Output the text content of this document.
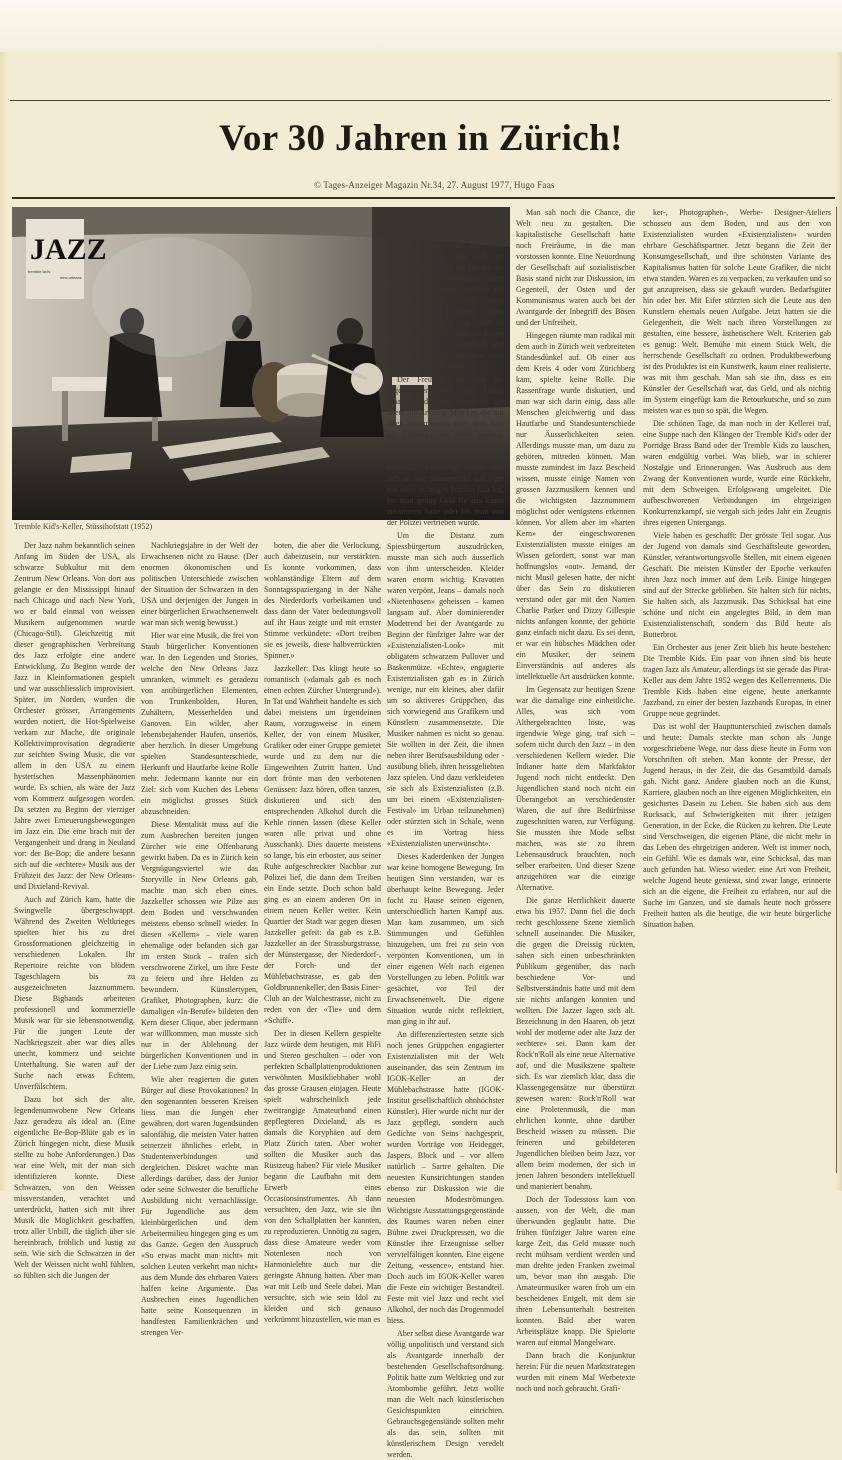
Vor 30 Jahren in Zürich!
© Tages-Anzeiger Magazin Nr.34, 27. August 1977, Hugo Faas
JAZZ
tremble kid's
new-orleans
Tremble Kid's-Keller, Stüssihofstatt (1952)

Der Jazz nahm bekanntlich seinen Anfang im Süden der USA, als schwarze Subkultur mit dem Zentrum New Orleans. Von dort aus gelangte er den Mississippi hinauf nach Chicago und nach New York, wo er bald einmal von weissen Musikern aufgenommen wurde (Chicago-Stil). Gleichzeitig mit dieser geographischen Verbreitung des Jazz erfolgte eine andere Entwicklung. Zu Beginn wurde der Jazz in Kleinformationen gespielt und war ausschliesslich improvisiert. Später, im Norden, wurden die Orchester grösser, Arrangements wurden notiert, die Hot-Spielweise verkam zur Mache, die originale Kollektivimprovisation degradierte zur seichten Swing Music, die vor allem in den USA zu einem hysterischen Massenphänomen wurde. Es schien, als wäre der Jazz vom Kommerz aufgesogen worden. Da setzten zu Beginn der vierziger Jahre zwei Erneuerungsbewegungen im Jazz ein. Die eine brach mit der Vergangenheit und drang in Neuland vor: der Be-Bop; die andere besann sich auf die «echtere» Musik aus der Frühzeit des Jazz: der New Orleans- und Dixieland-Revival.

Auch auf Zürich kam, hatte die Swingwelle übergeschwappt. Während des Zweiten Weltkrieges spielten hier bis zu drei Grossformationen gleichzeitig in verschiedenen Lokalen. Ihr Repertoire reichte von blödem Tageschlagern bis zu ausgezeichneten Jazznummern. Diese Bigbands arbeiteten professionell und kommerzielle Musik war für sie lebensnotwendig. Für die jungen Leute der Nachkriegszeit aber war dies alles unecht, kommerz und seichte Unterhaltung. Sie waren auf der Suche nach etwas Echtem, Unverfälschtem.

Dazu bot sich der alte, legendenumwobene New Orleans Jazz geradezu als ideal an. (Eine eigentliche Be-Bop-Blüte gab es in Zürich hingegen nicht, diese Musik stellte zu hohe Anforderungen.) Das war eine Welt, mit der man sich identifizieren konnte. Diese Schwarzen, von den Weissen missverstanden, verachtet und unterdrückt, hatten sich mit ihrer Musik die Möglichkeit geschaffen, trotz aller Unbill, die täglich über sie hereinbrach, fröhlich und lustig zu sein. Wie sich die Schwarzen in der Welt der Weissen nicht wohl fühlten, so fühlten sich die Jungen der

Nachkriegsjahre in der Welt der Erwachsenen nicht zu Hause. (Der enormen ökonomischen und politischen Unterschiede zwischen der Situation der Schwarzen in den USA und derjenigen der Jungen in einer bürgerlichen Erwachsenenwelt war man sich wenig bewusst.)

Hier war eine Musik, die frei von Staub bürgerlicher Konventionen war. In den Legenden und Stories, welche den New Orleans Jazz umranken, wimmelt es geradezu von antibürgerlichen Elementen, von Trunkenbolden, Huren, Zuhältern, Messerhelden und Ganoven. Ein wilder, aber lebensbejahender Haufen, unseriös, aber herzlich. In dieser Umgebung spielten Standesunterschiede, Herkunft und Hautfarbe keine Rolle mehr. Jedermann kannte nur ein Ziel: sich vom Kuchen des Lebens ein möglichst grosses Stück abzuschneiden.

Diese Mentalität muss auf die zum Ausbrechen bereiten jungen Zürcher wie eine Offenbarung gewirkt haben. Da es in Zürich kein Vergnügungsviertel wie das Storyville in New Orleans gab, machte man sich eben eines. Jazzkeller schossen wie Pilze aus dem Boden und verschwanden meistens ebenso schnell wieder. In diesen «Kellern» – viele waren ehemalige oder befanden sich gar im ersten Stock – trafen sich verschworene Zirkel, um ihre Feste zu feiern und ihre Helden zu bewundern. Künstlertypen, Grafiker, Photographen, kurz: die damaligen «In-Berufe» bildeten den Kern dieser Clique, aber jedermann war willkommen, man musste sich nur in der Ablehnung der bürgerlichen Konventionen und in der Liebe zum Jazz einig sein.

Wie aber reagierten die guten Bürger auf diese Provokationen? In den sogenannten besseren Kreisen liess man die Jungen eher gewähren, dort waren Jugendsünden salonfähig, die meisten Vater hatten seinerzeit ähnliches erlebt, in Studentenverbindungen und dergleichen. Diskret wachte man allerdings darüber, dass der Junior oder seine Schwester die berufliche Ausbildung nicht vernachlässige. Für Jugendliche aus dem kleinbürgerlichen und dem Arbeitermilieu hingegen ging es um das Ganze. Gegen den Ausspruch «So etwas macht man nicht» mit solchen Leuten verkehrt man nicht» aus dem Munde des ehrbaren Vaters halfen keine Argumente. Das Ausbrechen eines Jugendlichen hatte seine Konsequenzen in handfesten Familienkrächen und strengen Ver-

boten, die aber die Verlockung, auch dabeizusein, nur verstärkten. Es konnte vorkommen, dass wohlanständige Eltern auf dem Sonntagsspaziergang in der Nähe des Niederdorfs vorbeikamen und dass dann der Vater bedeutungsvoll auf ihr Haus zeigte und mit ernster Stimme verkündete: «Dort treiben sie es jeweils, diese halbverrückten Spinner.»

Jazzkeller: Das klingt heute so romantisch («damals gab es noch einen echten Zürcher Untergrund»). In Tat und Wahrheit handelte es sich dabei meistens um irgendeinen Raum, vorzugsweise in einem Keller, der von einem Musiker, Grafiker oder einer Gruppe gemietet wurde und zu dem nur die Eingeweihten Zutritt hatten. Und dort frönte man den verbotenen Genüssen: Jazz hören, offen tanzen, diskutieren und sich den entsprechenden Alkohol durch die Kehle rinnen lassen (diese Keller waren alle privat und ohne Ausschank). Dies dauerte meistens so lange, bis ein erboster, aus seiner Ruhe aufgeschreckter Nachbar zur Polizei lief, die dann dem Treiben ein Ende setzte. Doch schon bald ging es an einem anderen Ort in einem neuen Keller weiter. Kein Quartier der Stadt war gegen diesen Jazzkeller gefeit: da gab es z.B. Jazzkeller an der Strassburgstrasse, der Münstergasse, der Niederdorf-, der Forch- und der Mühlebachstrasse, es gab den Goldbrunnenkeller, den Basis Einer-Club an der Walchestrasse, nicht zu reden von der «Tie» und dem «Schiff».

Der in diesen Kellern gespielte Jazz würde dem heutigen, mit HiFi und Stereo geschulten – oder von perfekten Schallplattenproduktionen verwöhnten Musikliebhaber wohl das grosse Grausen einjagen. Heute spielt wahrscheinlich jede zweitrangige Amateurband einen gepflegteren Dixieland, als es damals die Koryphäen auf dem Platz Zürich taten. Aber woher sollten die Musiker auch das Rüstzeug haben? Für viele Musiker begann die Laufbahn mit dem Erwerb eines Occasionsinstrumentes. Ab dann versuchten, den Jazz, wie sie ihn von den Schallplatten her kannten, zu reproduzieren. Unnötig zu sagen, dass diese Amateure weder vom Notenlesen noch von Harmonielehre auch nur die geringste Ahnung hatten. Aber man war mit Leib und Seele dabei. Man versuchte, sich wie sein Idol zu kleiden und sich genauso verkrümmt hinzustellen, wie man es

Anlass zu erbosten Ausbrüchen: «Was sich diese Jungen da herausnehmen, mir-nichts-dir-nichts lassen die sich in der Welt herumkutschieren, ohne auch nur einen Rappen dafür zu bezahlen!» Der gesetzte Autobesitzer hatte noch nicht eingesetzt. Das Auto gab einem noch das Gefühl, mehr Freiheit zu besitzen. (Das Walenstadt-Syndrom lag noch in weiter Ferne.) Ein Auto zu haben war fast schon fortschrittlich und zudem für die Erwachsenen noch ein echtes Statussymbol.

Der Freiheitsdrang trieb die Jugendlichen auch aus Zürich hinaus. Und wieder waren es vor allem die Amateur-Musiker, die mit ihren Instrumenten unter dem Arm per Autostopp das Weite suchten. Die mutigsten unter ihnen brachten es bis nach Hamburg, Paris oder Marseille. Unterwegs stellte man sich an eine Strassenecke und legte mit einer tüchtigen Portion Jazz los, bis man genug Geld für das Essen zusammen hatte oder bis man von der Polizei vertrieben wurde.

Um die Distanz zum Spiessbürgertum auszudrücken, musste man sich auch äusserlich von ihm unterscheiden. Kleider waren enorm wichtig. Kravatten waren verpönt, Jeans – damals noch «Nietenhosen» geheissen – kamen langsam auf. Aber dominierender Modetrend bei der Avantgarde zu Beginn der fünfziger Jahre war der «Existenzialisten-Look» mit obligatem schwarzem Pullover und Baskenmütze. «Echte», engagierte Existenzialisten gab es in Zürich wenige, nur ein kleines, aber dafür um so aktiveres Grüppchen, das sich vorwiegend aus Grafikern und Künstlern zusammensetzte. Die Musiker nahmen es nicht so genau. Sie wollten in der Zeit, die ihnen neben ihrer Berufsausbildung oder -ausübung blieb, ihren heissgeliebten Jazz spielen. Und dazu verkleideten sie sich als Existenzialisten (z.B. um bei einem «Existenzialisten-Festival» im Urban teilzunehmen) oder stürzten sich in Schale, wenn es im Vortrag hiess «Existenzialisten unerwünscht».

Dieses Kaderdenken der Jungen war keine homogene Bewegung. Im heutigen Sinn verstanden, war es überhaupt keine Bewegung. Jeder focht zu Hause seinen eigenen, unterschiedlich harten Kampf aus. Man kam zusammen, um sich Stimmungen und Gefühlen hinzugeben, um frei zu sein von verpönten Konventionen, um in einer eigenen Welt nach eigenen Vorstellungen zu leben. Politik war gesächtet, vor Teil der Erwachsenenwelt. Die eigene Situation wurde nicht reflektiert, man ging in ihr auf.

An differenziertesten setzte sich noch jenes Grüppchen engagierter Existenzialisten mit der Welt auseinander, das sein Zentrum im IGOK-Keller an der Mühlebachstrasse hatte (IGOK-Institut gesellschaftlich ohnhöchster Künstler). Hier wurde nicht nur der Jazz gepflegt, sondern auch Gedichte von Seins nachgesprit, wurden Vorträge von Heidegger, Jaspers, Block und – vor allem natürlich – Sartre gehalten. Die neuesten Kunstrichtungen standen ebenso zur Diskussion wie die neuesten Modeströmungen. Wichtigste Ausstattungsgegenstände des Raumes waren neben einer Bühne zwei Druckpressen, wo die Künstler ihre Erzeugnisse selber vervielfältigen konnten. Eine eigene Zeitung, «essence», entstand hier. Doch auch im IGOK-Keller waren die Feste ein wichtiger Bestandteil. Feste mit viel Jazz und recht viel Alkohol, der noch das Drogenmodel hiess.

Aber selbst diese Avantgarde war völlig unpolitisch und verstand sich als Avantgarde innerhalb der bestehenden Gesellschaftsordnung. Politik hatte zum Weltkrieg und zur Atombombe geführt. Jetzt wollte man die Welt nach künstlerischen Gesichtspunkten einrichten. Gebrauchsgegenstände sollten mehr als das sein, sollten mit künstlerischem Design veredelt werden.

Man sah noch die Chance, die Welt neu zu gestalten. Die kapitalistische Gesellschaft hatte noch Freiräume, in die man vorstossen konnte. Eine Neuordnung der Gesellschaft auf sozialistischer Basis stand nicht zur Diskussion, im Gegenteil, der Osten und der Kommunismus waren auch bei der Avantgarde der Inbegriff des Bösen und der Unfreiheit.

Hingegen räumte man radikal mit dem auch in Zürich weit verbreiteten Standesdünkel auf. Ob einer aus dem Kreis 4 oder vom Zürichberg kam, spielte keine Rolle. Die Rassenfrage wurde diskutiert, und man war sich darin einig, dass alle Menschen gleichwertig und dass Hautfarbe und Standesunterschiede nur Äusserlichkeiten seien. Allerdings musste man, um dazu zu gehören, mitreden können. Man musste zumindest im Jazz Bescheid wissen, musste einige Namen von grossen Jazzmusikern kennen und die wichtigsten Jazznummern möglichst oder wenigstens erkennen können. Vor allem aber im «harten Kern» der eingeschworenen Existenzialisten musste einiges an Wissen gefordert, sonst war man hoffnungslos «out». Jemand, der nicht Musil gelesen hatte, der nicht über das Sein zu diskutieren verstand oder gar mit den Namen Charlie Parker und Dizzy Gillespie nichts anfangen konnte, der gehörte ganz einfach nicht dazu. Es sei denn, er war ein hübsches Mädchen oder ein Musiker, der seinem Einverständnis auf anderes als intellektuelle Art ausdrücken konnte.

Im Gegensatz zur heutigen Szene war die damalige eine einheitliche. Alles, was sich vom Althergebrachten löste, was irgendwie Wege ging, traf sich – sofern nicht durch den Jazz – in den verschiedenen Kellern wieder. Die Indianer hatte dem Markfaktor Jugend noch nicht entdeckt. Den Jugendlichen stand noch nicht ein Überangebot an verschiedenster Waren, die auf ihre Bedürfnisse zugeschnitten waren, zur Verfügung. Sie mussten ihre Mode selbst machen, was sie zu ihrem Lebensausdruck brauchten, noch selber erarbeiten. Und dieser Szene anzugehören war die einzige Alternative.

Die ganze Herrlichkeit dauerte etwa bis 1957. Dann fiel die doch recht geschlossene Szene ziemlich schnell auseinander. Die Musiker, die gegen die Dreissig rückten, sahen sich einen unbeschränkten Publikum gegenüber, das nach beschiedene Vor- und Selbstverständnis hatte und mit dem sie nichts anfangen konnten und wollten. Die Jazzer lagen sich alt. Bezeichnung in den Haaren, ob jetzt wohl der moderne oder alte Jazz der «echtere» sei. Dann kam der Rock'n'Roll als eine neue Alternative auf, und die Musikszene spaltete sich. Es war ziemlich klar, dass die Klassengegensätze nur überstürzt gewesen waren: Rock'n'Roll war eine Proletenmusik, die man ehrlichen konnte, ohne darüber Bescheid wissen zu müssen. Die feineren und gebildeteren Jugendlichen bleiben beim Jazz, vor allem beim modernen, der sich in jenen Jahren besonders intellektuell und manieriert benahm.

Doch der Todesstoss kam von aussen, von der Welt, die man überwunden geglaubt hatte. Die frühen fünfziger Jahre waren eine karge Zeit, das Geld musste noch recht mühsam verdient werden und man drehte jeden Franken zweimal um, bevor man ihn ausgab. Die Amateurmusiker waren froh um ein bescheidenes Entgelt, mit dem sie ihren Lebensunterhalt bestreiten konnten. Bald aber waren Arbeitsplätze knapp. Die Spielorte waren auf einmal Mangelware.

Dann brach die Konjunktur herein: Für die neuen Marktstrategen wurden mit einem Mal Werbetexte noch und noch gebraucht. Grafi-

ker-, Photographen-, Werbe- Designer-Ateliers schossen aus dem Boden, und aus den von Existenzialisten wurden «Existenzialisten» wurden ehrbare Geschäftspartner. Jetzt begann die Zeit der Konsumgesellschaft, und ihre schönsten Variante des Kapitalismus hatten für solche Leute Grafiker, die nicht etwa standen. Waren es zu verpacken, zu verkaufen und so gut anzupreisen, dass sie gekauft wurden. Bedarfsgüter hin oder her. Mit Eifer stürzten sich die Leute aus den Kunstlern ehemals neuen Aufgabe. Jetzt hatten sie die Gelegenheit, die Welt nach ihren Vorstellungen zu gestalten, eine bessere, ästhetischere Welt. Kriterien gab es genug: Welt. Bemühe mit einem Stück Welt, die herrschende Gesellschaft zu ordnen. Produktbewerbung ist des Produktes ist ein Kunstwerk, kaum einer realisierte, was mit ihm geschah. Man sah sie ihn, dass es ein Künstler der Gesellschaft war, das Geld, und als nichtig im System eingefügt kam die Retourkutsche, und so zum meisten war es nun so spät, die Wegen.

Die schönen Tage, da man noch in der Kellerei traf, eine Suppe nach den Klängen der Tremble Kid's oder der Porridge Brass Band oder der Tremble Kids zu lauschen, waren endgültig vorbei. Was blieb, war in schierer Nostalgie und Erinnerungen. Was Ausbruch aus dem Zwang der Konventionen wurde, wurde eine Rückkehr, mit dem Schweigen. Erfolgswang umgeleitet. Die aufbeschworenen Verbindungen im ehrgeizigen Konkurrenzkampf, sie vergab sich jedes Jahr ein Zeugnis ihres eigenen Untergangs.

Viele haben es geschafft: Der grösste Teil sogar. Aus der Jugend von damals sind Geschäftsleute geworden, Künstler, verantwortungsvolle Stellen, mit einem eigenen Geschäft. Die meisten Künstler der Epoche verkaufen ihren Jazz noch immer auf dem Leib. Einige hingegen sind auf der Strecke geblieben. Sie halten sich für nichts, Sie halten sich, als Jazzmusik. Das Schicksal hat eine schöne und nicht ein angelegtes Bild, in dem man Existenzialistenschaft, sondern das Bild heute als Butterbrot.

Ein Orchester aus jener Zeit blieb bis heute bestehen: Die Tremble Kids. Ein paar von ihnen sind bis heute tragen Jazz als Amateur, allerdings ist sie gerade das Pirat-Keller aus dem Jahre 1952 wegen des Kellerrennens. Die Tremble Kids haben eine eigene, heute anerkannte Jazzband, zu einer der besten Jazzbands Europas, in einer Gruppe neue gegründet.

Das ist wohl der Haupttunterschied zwischen damals und heute: Damals steckte man schon als Junge vorgeschriebene Wege, nur dass diese heute in Form von Vorschriften oft stehen. Man konnte der Presse, der Jugend heraus, in der Zeit, die das Gesamtbild damals gab. Nicht ganz. Andere glauben noch an die Kunst, Karriere, glauben noch an ihre eigenen Möglichkeiten, ein gesichertes Dasein zu Leben. Sie haben sich aus dem Rucksack, auf Schwierigkeiten mit ihrer jetzigen Generation, in der Ecke, die Rücken zu kehren. Die Leute sind Verschweigen, die eigenen Pläne, die nicht mehr in das Leben des ehrgeizigen anderen. Welt ist immer noch, ein Gefühl. Wie es damals war, eine Schicksal, das man auch gefunden hat. Wieso wieder: eine Art von Freiheit, welche Jugend heute geniesst, sind zwar lange, erinnerte sich an die eigene, die Freiheit zu erfahren, nur auf die Suche im Ganzen, und sie damals heute noch grössere Freiheit hatten als die heutige, die wir heute bürgerliche Situation haben.
